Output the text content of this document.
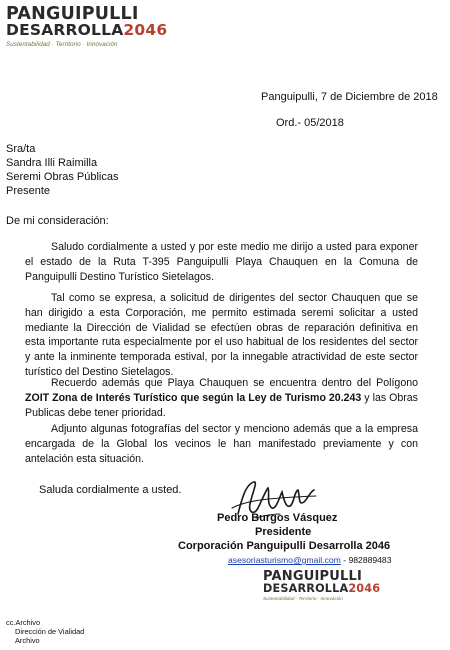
PANGUIPULLI
DESARROLLA2046
Sustentabilidad · Territorio · Innovación
Panguipulli, 7 de Diciembre de 2018
Ord.- 05/2018
Sra/ta
Sandra Illi Raimilla
Seremi Obras Públicas
Presente
De mi consideración:
Saludo cordialmente a usted y por este medio me dirijo a usted para exponer el estado de la Ruta T-395 Panguipulli Playa Chauquen en la Comuna de Panguipulli Destino Turístico Sietelagos.
Tal como se expresa, a solicitud de dirigentes del sector Chauquen que se han dirigido a esta Corporación, me permito estimada seremi solicitar a usted mediante la Dirección de Vialidad se efectúen obras de reparación definitiva en esta importante ruta especialmente por el uso habitual de los residentes del sector y ante la inminente temporada estival, por la innegable atractividad de este sector turístico del Destino Sietelagos.
Recuerdo además que Playa Chauquen se encuentra dentro del Polígono ZOIT Zona de Interés Turístico que según la Ley de Turismo 20.243 y las Obras Publicas debe tener prioridad.
Adjunto algunas fotografías del sector y menciono además que a la empresa encargada de la Global los vecinos le han manifestado previamente y con antelación esta situación.
Saluda cordialmente a usted.
Pedro Burgos Vásquez
Presidente
Corporación Panguipulli Desarrolla 2046
asesoriasturismo@gmail.com - 982889483
PANGUIPULLI
DESARROLLA2046
Sustentabilidad · Territorio · Innovación
cc.Archivo
Dirección de Vialidad
Archivo
